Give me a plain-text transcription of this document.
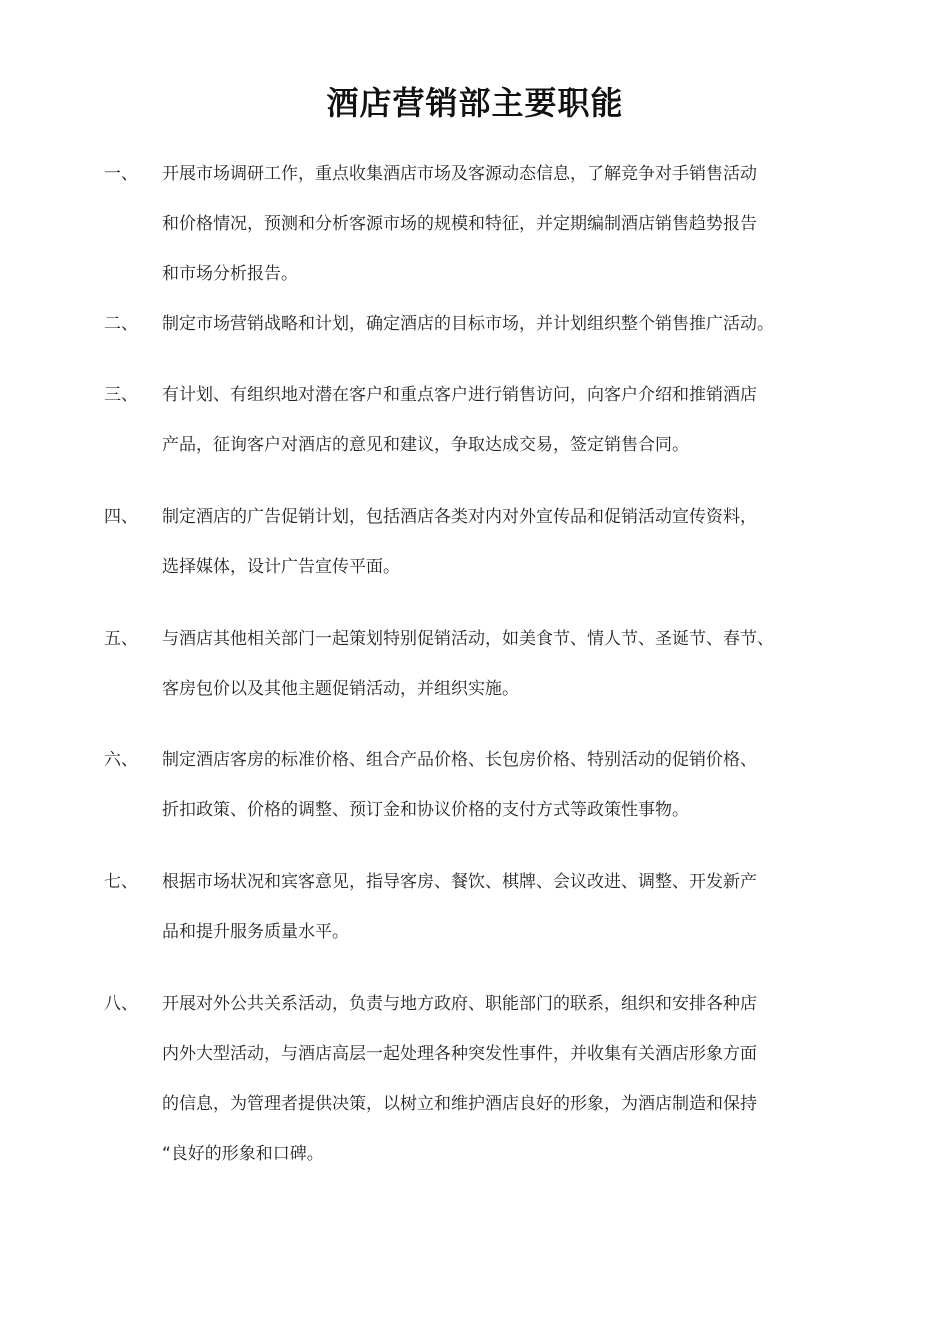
酒店营销部主要职能
一、 开展市场调研工作，重点收集酒店市场及客源动态信息，了解竞争对手销售活动
和价格情况，预测和分析客源市场的规模和特征，并定期编制酒店销售趋势报告
和市场分析报告。
二、 制定市场营销战略和计划，确定酒店的目标市场，并计划组织整个销售推广活动。
三、 有计划、有组织地对潜在客户和重点客户进行销售访问，向客户介绍和推销酒店
产品，征询客户对酒店的意见和建议，争取达成交易，签定销售合同。
四、 制定酒店的广告促销计划，包括酒店各类对内对外宣传品和促销活动宣传资料，
选择媒体，设计广告宣传平面。
五、 与酒店其他相关部门一起策划特别促销活动，如美食节、情人节、圣诞节、春节、
客房包价以及其他主题促销活动，并组织实施。
六、 制定酒店客房的标准价格、组合产品价格、长包房价格、特别活动的促销价格、
折扣政策、价格的调整、预订金和协议价格的支付方式等政策性事物。
七、 根据市场状况和宾客意见，指导客房、餐饮、棋牌、会议改进、调整、开发新产
品和提升服务质量水平。
八、 开展对外公共关系活动，负责与地方政府、职能部门的联系，组织和安排各种店
内外大型活动，与酒店高层一起处理各种突发性事件，并收集有关酒店形象方面
的信息，为管理者提供决策，以树立和维护酒店良好的形象，为酒店制造和保持
“良好的形象和口碑。
